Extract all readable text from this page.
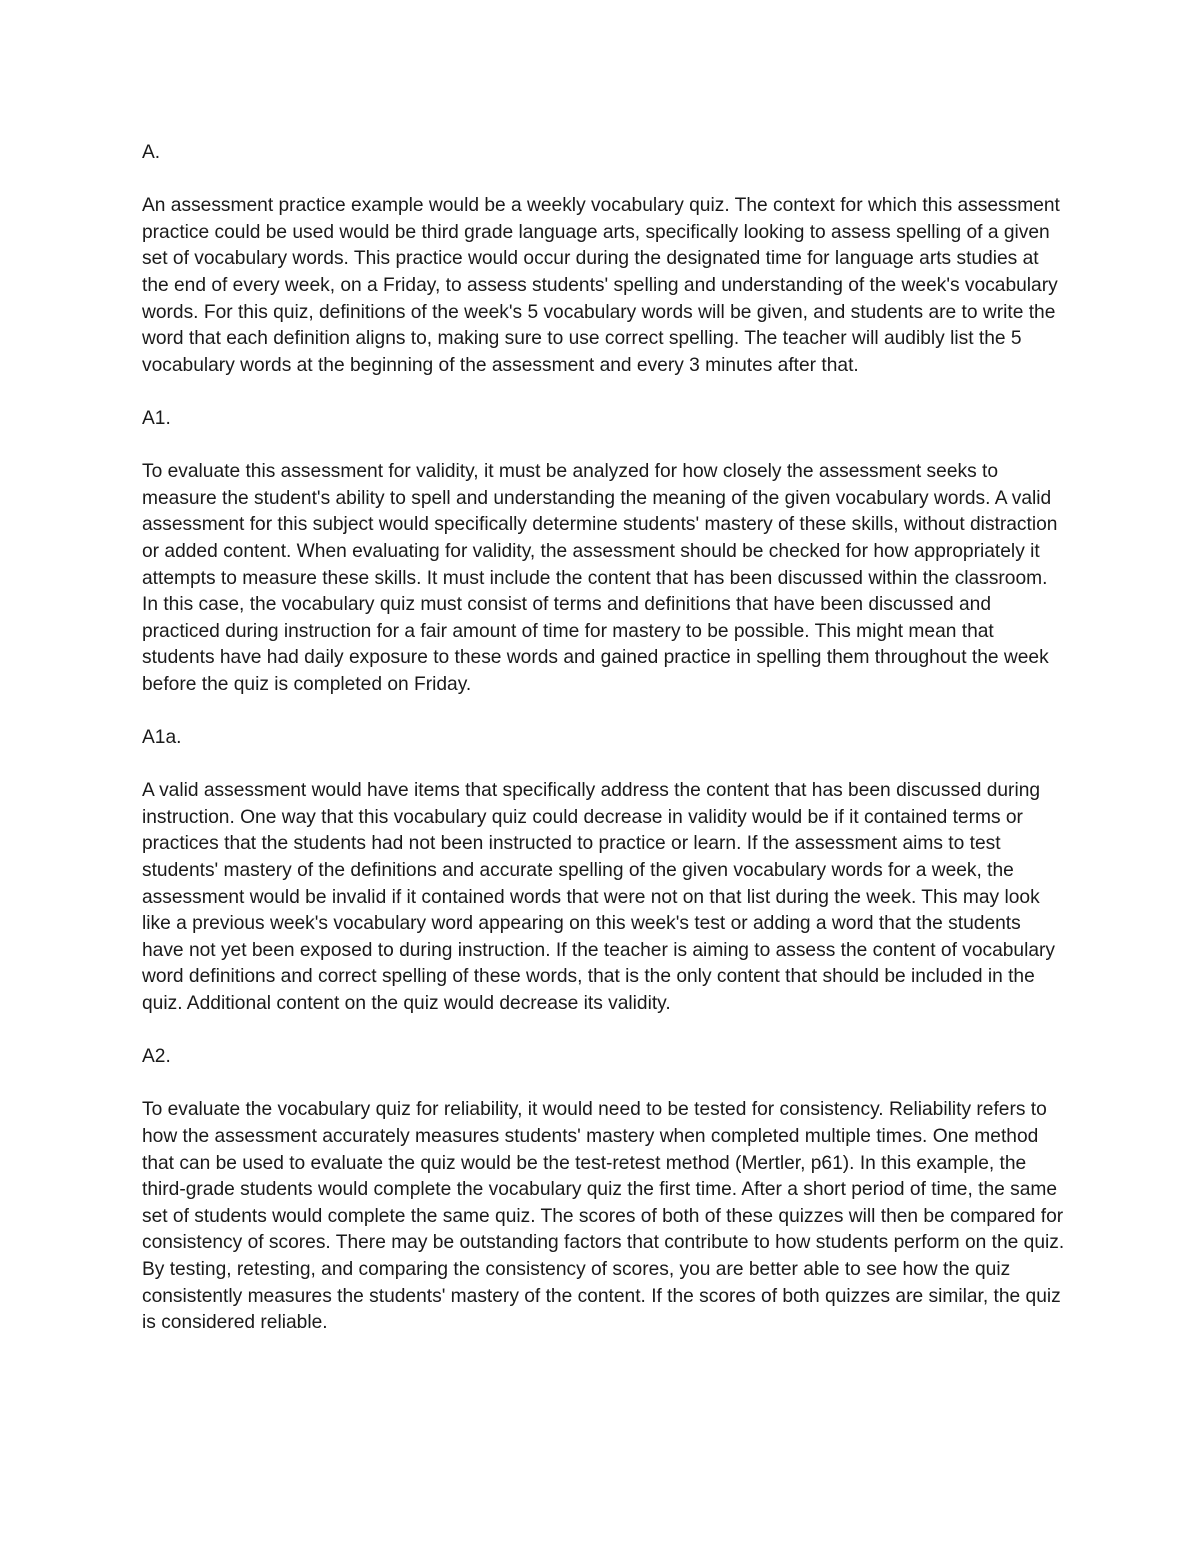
A.

An assessment practice example would be a weekly vocabulary quiz. The context for which this assessment practice could be used would be third grade language arts, specifically looking to assess spelling of a given set of vocabulary words. This practice would occur during the designated time for language arts studies at the end of every week, on a Friday, to assess students' spelling and understanding of the week's vocabulary words. For this quiz, definitions of the week's 5 vocabulary words will be given, and students are to write the word that each definition aligns to, making sure to use correct spelling. The teacher will audibly list the 5 vocabulary words at the beginning of the assessment and every 3 minutes after that.

A1.

To evaluate this assessment for validity, it must be analyzed for how closely the assessment seeks to measure the student's ability to spell and understanding the meaning of the given vocabulary words. A valid assessment for this subject would specifically determine students' mastery of these skills, without distraction or added content. When evaluating for validity, the assessment should be checked for how appropriately it attempts to measure these skills. It must include the content that has been discussed within the classroom. In this case, the vocabulary quiz must consist of terms and definitions that have been discussed and practiced during instruction for a fair amount of time for mastery to be possible. This might mean that students have had daily exposure to these words and gained practice in spelling them throughout the week before the quiz is completed on Friday.

A1a.

A valid assessment would have items that specifically address the content that has been discussed during instruction. One way that this vocabulary quiz could decrease in validity would be if it contained terms or practices that the students had not been instructed to practice or learn. If the assessment aims to test students' mastery of the definitions and accurate spelling of the given vocabulary words for a week, the assessment would be invalid if it contained words that were not on that list during the week. This may look like a previous week's vocabulary word appearing on this week's test or adding a word that the students have not yet been exposed to during instruction. If the teacher is aiming to assess the content of vocabulary word definitions and correct spelling of these words, that is the only content that should be included in the quiz. Additional content on the quiz would decrease its validity.

A2.

To evaluate the vocabulary quiz for reliability, it would need to be tested for consistency. Reliability refers to how the assessment accurately measures students' mastery when completed multiple times. One method that can be used to evaluate the quiz would be the test-retest method (Mertler, p61). In this example, the third-grade students would complete the vocabulary quiz the first time. After a short period of time, the same set of students would complete the same quiz. The scores of both of these quizzes will then be compared for consistency of scores. There may be outstanding factors that contribute to how students perform on the quiz. By testing, retesting, and comparing the consistency of scores, you are better able to see how the quiz consistently measures the students' mastery of the content. If the scores of both quizzes are similar, the quiz is considered reliable.
